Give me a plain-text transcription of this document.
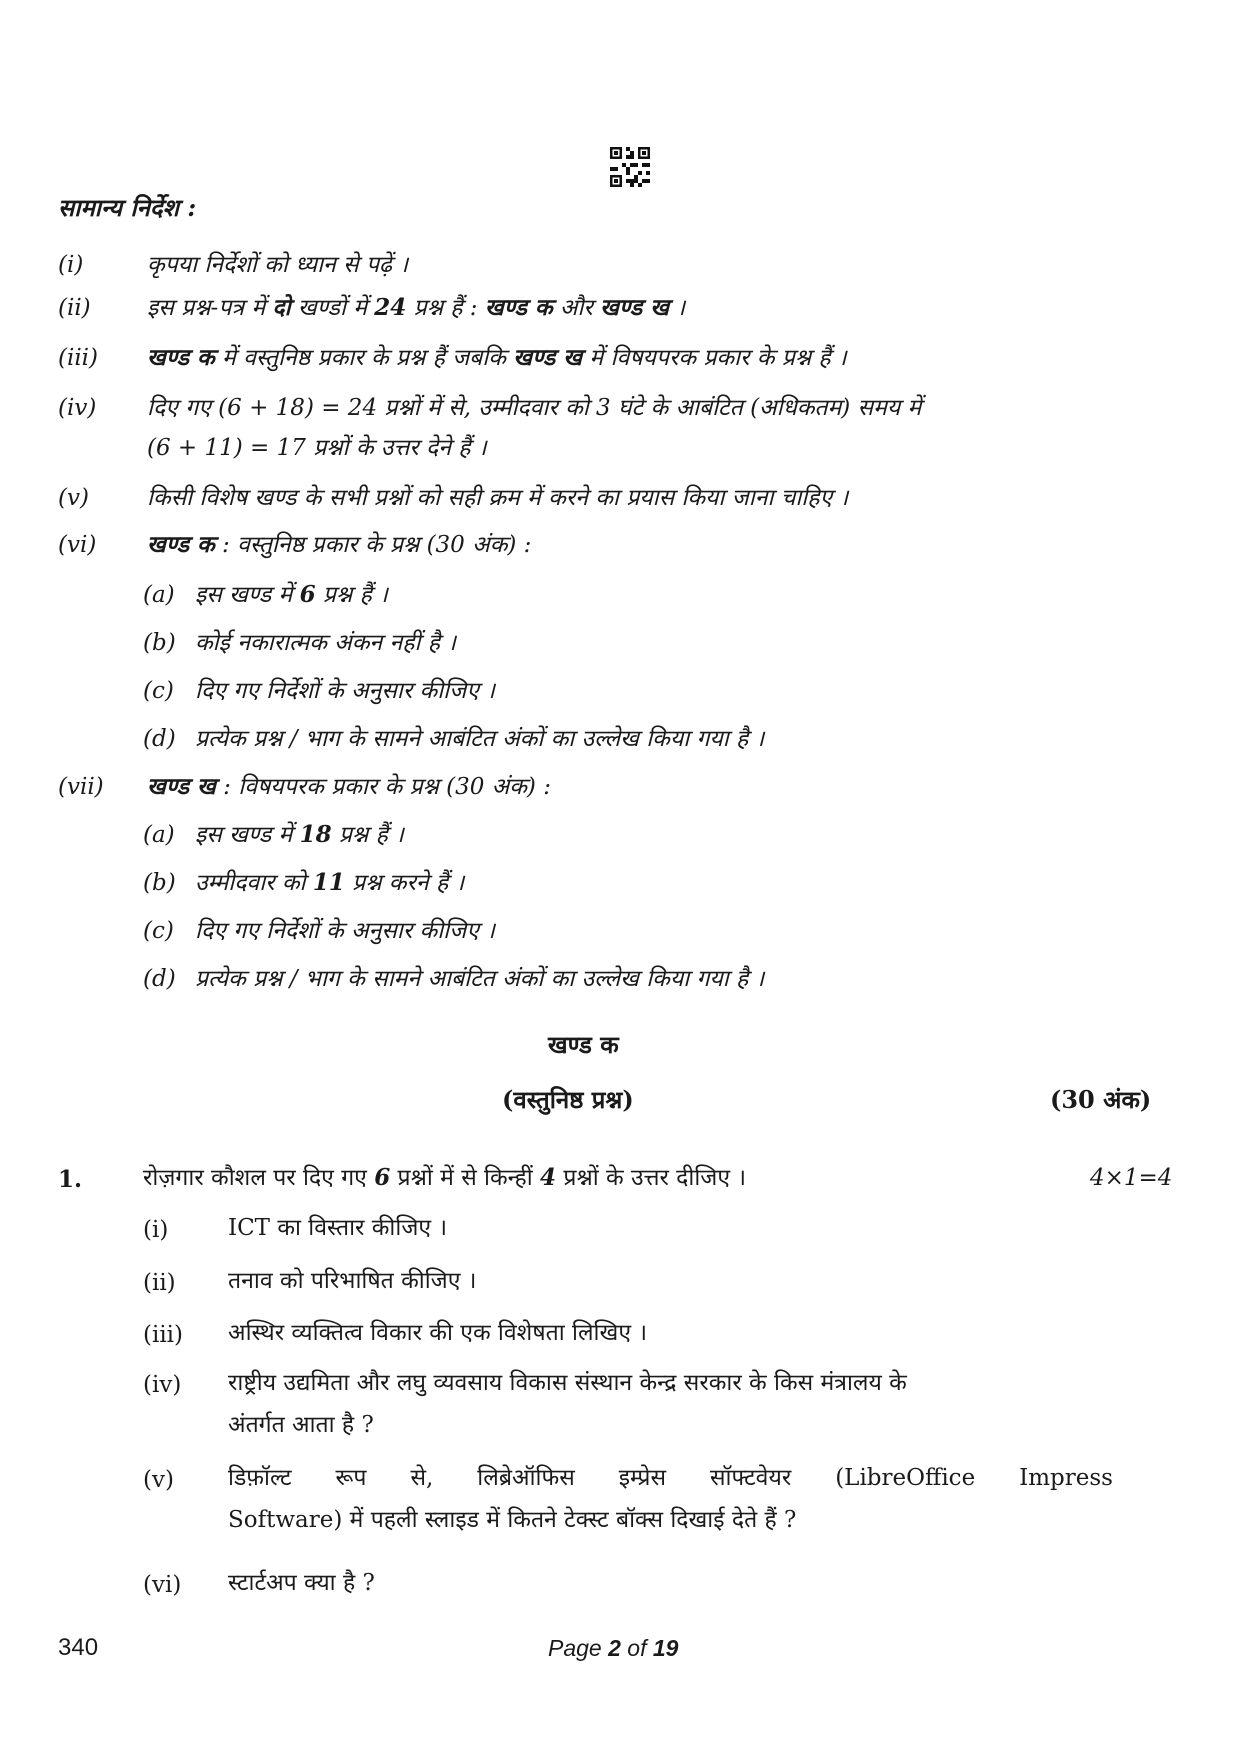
सामान्य निर्देश :
(i)	कृपया निर्देशों को ध्यान से पढ़ें ।
(ii) इस प्रश्न-पत्र में दो खण्डों में 24 प्रश्न हैं : खण्ड क और खण्ड ख ।
(iii) खण्ड क में वस्तुनिष्ठ प्रकार के प्रश्न हैं जबकि खण्ड ख में विषयपरक प्रकार के प्रश्न हैं ।
(iv) दिए गए (6 + 18) = 24 प्रश्नों में से, उम्मीदवार को 3 घंटे के आबंटित (अधिकतम) समय में
(6 + 11) = 17 प्रश्नों के उत्तर देने हैं ।
(v)	किसी विशेष खण्ड के सभी प्रश्नों को सही क्रम में करने का प्रयास किया जाना चाहिए ।
(vi) खण्ड क : वस्तुनिष्ठ प्रकार के प्रश्न (30 अंक) :
(a) इस खण्ड में 6 प्रश्न हैं ।
(b) कोई नकारात्मक अंकन नहीं है ।
(c) दिए गए निर्देशों के अनुसार कीजिए ।
(d) प्रत्येक प्रश्न / भाग के सामने आबंटित अंकों का उल्लेख किया गया है ।
(vii) खण्ड ख : विषयपरक प्रकार के प्रश्न (30 अंक) :
(a) इस खण्ड में 18 प्रश्न हैं ।
(b) उम्मीदवार को 11 प्रश्न करने हैं ।
(c) दिए गए निर्देशों के अनुसार कीजिए ।
(d) प्रत्येक प्रश्न / भाग के सामने आबंटित अंकों का उल्लेख किया गया है ।
खण्ड क
(वस्तुनिष्ठ प्रश्न)	(30 अंक)
1.	रोज़गार कौशल पर दिए गए 6 प्रश्नों में से किन्हीं 4 प्रश्नों के उत्तर दीजिए ।	4×1=4
(i)	ICT का विस्तार कीजिए ।
(ii) तनाव को परिभाषित कीजिए ।
(iii) अस्थिर व्यक्तित्व विकार की एक विशेषता लिखिए ।
(iv) राष्ट्रीय उद्यमिता और लघु व्यवसाय विकास संस्थान केन्द्र सरकार के किस मंत्रालय के
अंतर्गत आता है ?
(v) डिफ़ॉल्ट रूप से, लिब्रेऑफिस इम्प्रेस सॉफ्टवेयर (LibreOffice Impress
Software) में पहली स्लाइड में कितने टेक्स्ट बॉक्स दिखाई देते हैं ?
(vi) स्टार्टअप क्या है ?
340	Page 2 of 19
